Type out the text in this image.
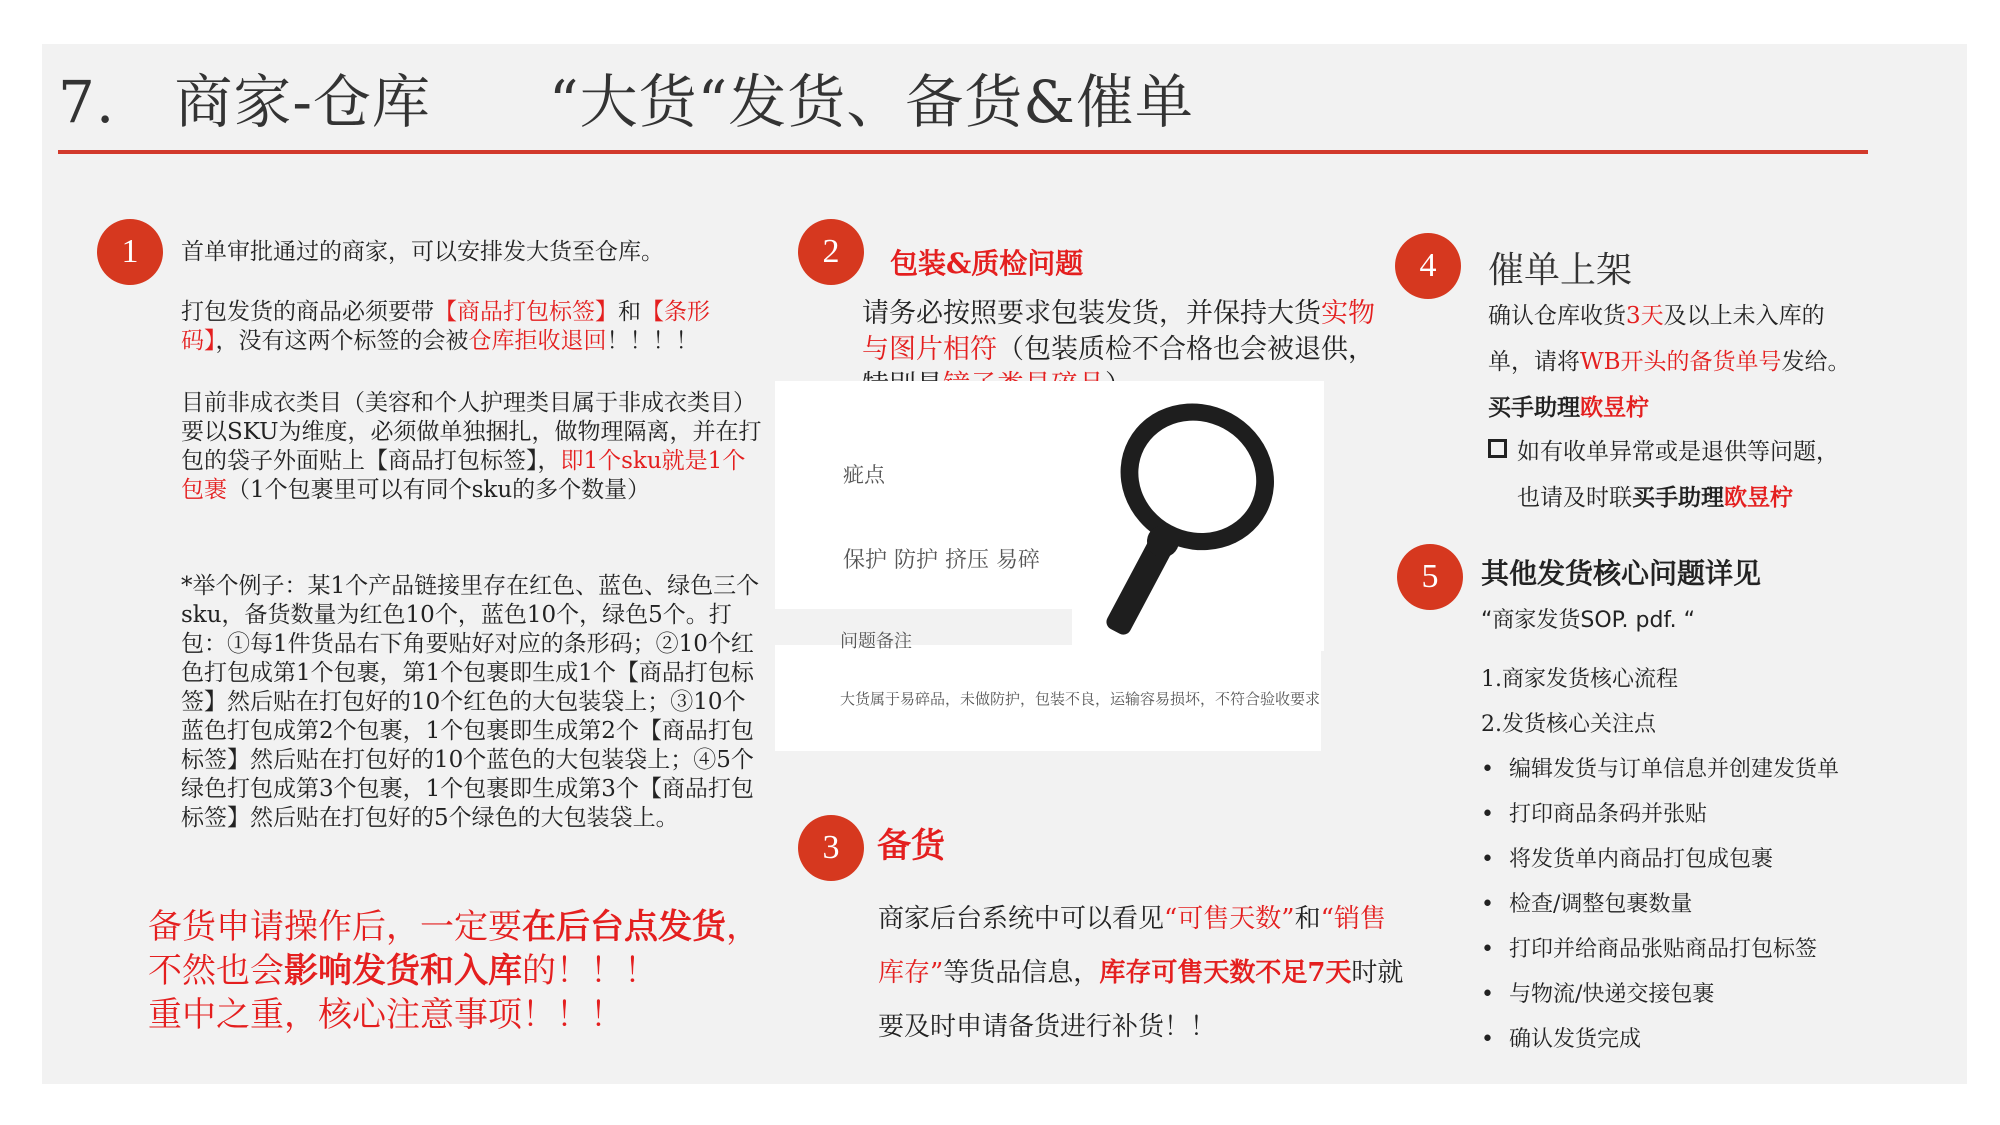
7.　商家-仓库　　“大货“发货、备货&催单
1	首单审批通过的商家，可以安排发大货至仓库。
打包发货的商品必须要带【商品打包标签】和【条形码】，没有这两个标签的会被仓库拒收退回！！！！
目前非成衣类目（美容和个人护理类目属于非成衣类目）要以SKU为维度，必须做单独捆扎，做物理隔离，并在打包的袋子外面贴上【商品打包标签】，即1个sku就是1个包裹（1个包裹里可以有同个sku的多个数量）
*举个例子：某1个产品链接里存在红色、蓝色、绿色三个sku，备货数量为红色10个，蓝色10个，绿色5个。打包：①每1件货品右下角要贴好对应的条形码；②10个红色打包成第1个包裹，第1个包裹即生成1个【商品打包标签】然后贴在打包好的10个红色的大包装袋上；③10个蓝色打包成第2个包裹，1个包裹即生成第2个【商品打包标签】然后贴在打包好的10个蓝色的大包装袋上；④5个绿色打包成第3个包裹，1个包裹即生成第3个【商品打包标签】然后贴在打包好的5个绿色的大包装袋上。
备货申请操作后，一定要在后台点发货，
不然也会影响发货和入库的！！！
重中之重，核心注意事项！！！
2	包装&质检问题
请务必按照要求包装发货，并保持大货实物与图片相符（包装质检不合格也会被退供，
疵点
保护 防护 挤压 易碎
问题备注
大货属于易碎品，未做防护，包装不良，运输容易损坏，不符合验收要求
3	备货
商家后台系统中可以看见“可售天数”和“销售库存”等货品信息，库存可售天数不足7天时就要及时申请备货进行补货！！
4	催单上架
确认仓库收货3天及以上未入库的
单，请将WB开头的备货单号发给。
买手助理欧昱柠
如有收单异常或是退供等问题，
也请及时联买手助理欧昱柠
5	其他发货核心问题详见
“商家发货SOP. pdf. “
1.商家发货核心流程
2.发货核心关注点
• 编辑发货与订单信息并创建发货单
• 打印商品条码并张贴
• 将发货单内商品打包成包裹
• 检查/调整包裹数量
• 打印并给商品张贴商品打包标签
• 与物流/快递交接包裹
• 确认发货完成
